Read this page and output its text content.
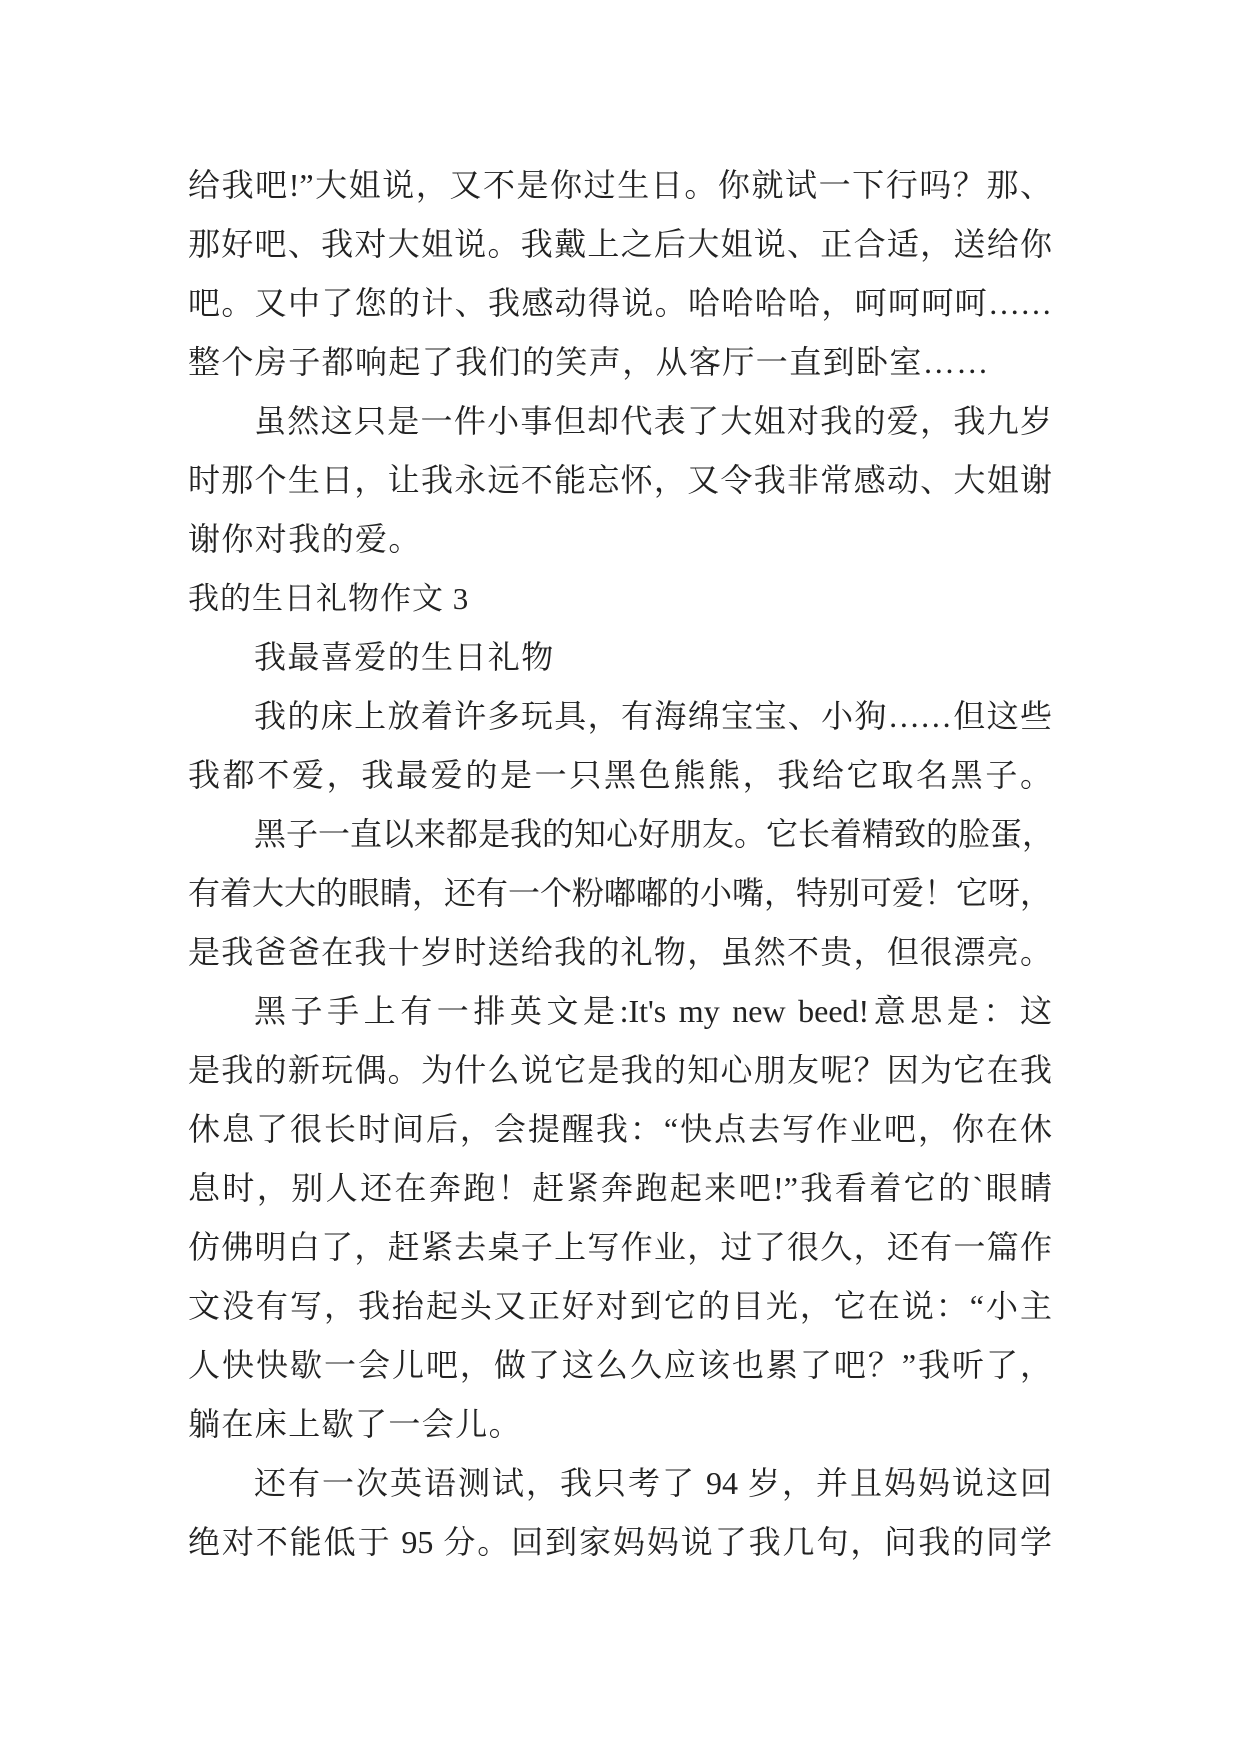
给我吧!”大姐说，又不是你过生日。你就试一下行吗？那、
那好吧、我对大姐说。我戴上之后大姐说、正合适，送给你
吧。又中了您的计、我感动得说。哈哈哈哈，呵呵呵呵……
整个房子都响起了我们的笑声，从客厅一直到卧室……
虽然这只是一件小事但却代表了大姐对我的爱，我九岁
时那个生日，让我永远不能忘怀，又令我非常感动、大姐谢
谢你对我的爱。
我的生日礼物作文 3
我最喜爱的生日礼物
我的床上放着许多玩具，有海绵宝宝、小狗……但这些
我都不爱，我最爱的是一只黑色熊熊，我给它取名黑子。
黑子一直以来都是我的知心好朋友。它长着精致的脸蛋，
有着大大的眼睛，还有一个粉嘟嘟的小嘴，特别可爱！它呀，
是我爸爸在我十岁时送给我的礼物，虽然不贵，但很漂亮。
黑子手上有一排英文是:It's my new beed!意思是：这
是我的新玩偶。为什么说它是我的知心朋友呢？因为它在我
休息了很长时间后，会提醒我：“快点去写作业吧，你在休
息时，别人还在奔跑！赶紧奔跑起来吧!”我看着它的`眼睛
仿佛明白了，赶紧去桌子上写作业，过了很久，还有一篇作
文没有写，我抬起头又正好对到它的目光，它在说：“小主
人快快歇一会儿吧，做了这么久应该也累了吧？”我听了，
躺在床上歇了一会儿。
还有一次英语测试，我只考了 94 岁，并且妈妈说这回
绝对不能低于 95 分。回到家妈妈说了我几句，问我的同学
